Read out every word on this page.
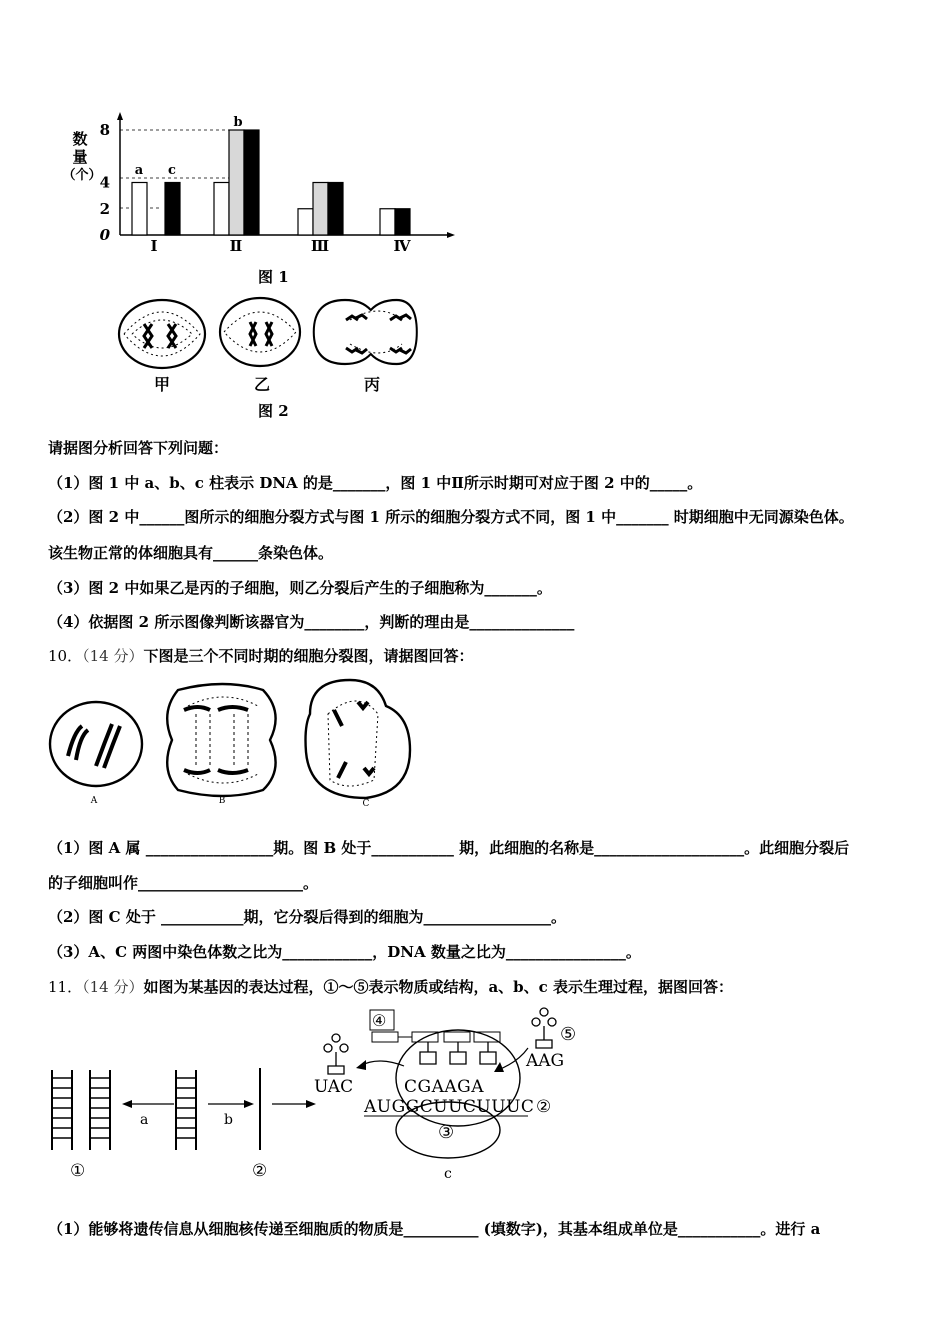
数
量
（个）
Ⅰ	Ⅱ	Ⅲ	Ⅳ
8
4
2
0
a
b
c
图 1
甲	乙	丙
图 2
请据图分析回答下列问题：
（1）图 1 中 a、b、c 柱表示 DNA 的是_______，图 1 中Ⅱ所示时期可对应于图 2 中的_____。
（2）图 2 中______图所示的细胞分裂方式与图 1 所示的细胞分裂方式不同，图 1 中_______ 时期细胞中无同源染色体。
该生物正常的体细胞具有______条染色体。
（3）图 2 中如果乙是丙的子细胞，则乙分裂后产生的子细胞称为_______。
（4）依据图 2 所示图像判断该器官为________，判断的理由是______________
10．（14 分）下图是三个不同时期的细胞分裂图，请据图回答：
A	B	C
（1）图 A 属 _________________期。图 B 处于___________ 期，此细胞的名称是____________________。此细胞分裂后
的子细胞叫作______________________。
（2）图 C 处于 ___________期，它分裂后得到的细胞为_________________。
（3）A、C 两图中染色体数之比为____________，DNA 数量之比为________________。
11．（14 分）如图为某基因的表达过程，①～⑤表示物质或结构，a、b、c 表示生理过程，据图回答：
a	b
①	②
③
c
④
CGAAGA
AUGGCUUCUUUC ②
UAC
⑤
AAG
（1）能够将遗传信息从细胞核传递至细胞质的物质是__________ (填数字)，其基本组成单位是___________。进行 a
